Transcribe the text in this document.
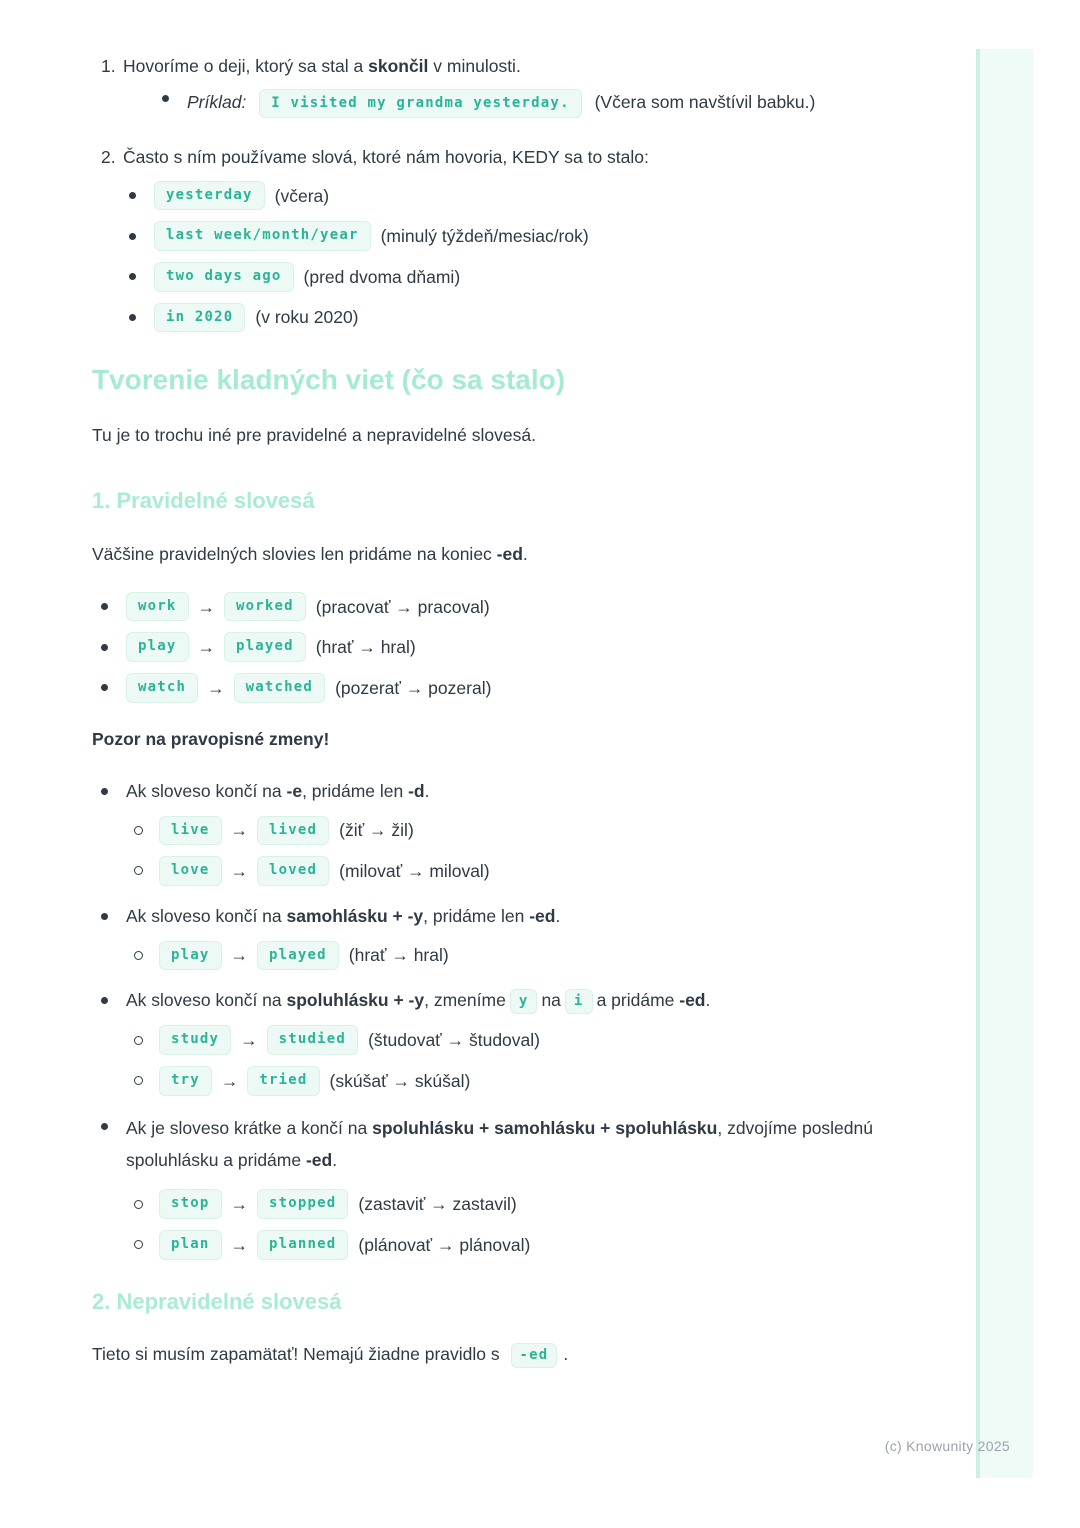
(c) Knowunity 2025
1. Hovoríme o deji, ktorý sa stal a skončil v minulosti.
Príklad: I visited my grandma yesterday. (Včera som navštívil babku.)
2. Často s ním používame slová, ktoré nám hovoria, KEDY sa to stalo:
yesterday	(včera)
last week/month/year	(minulý týždeň/mesiac/rok)
two days ago	(pred dvoma dňami)
in 2020	(v roku 2020)
Tvorenie kladných viet (čo sa stalo)

Tu je to trochu iné pre pravidelné a nepravidelné slovesá.

1. Pravidelné slovesá

Väčšine pravidelných slovies len pridáme na koniec -ed.

work	→	worked	(pracovať → pracoval)
play	→	played	(hrať → hral)
watch	→	watched	(pozerať → pozeral)

Pozor na pravopisné zmeny!

Ak sloveso končí na -e, pridáme len -d.
live	→	lived	(žiť → žil)
love	→	loved	(milovať → miloval)
Ak sloveso končí na samohlásku + -y, pridáme len -ed.
play	→	played	(hrať → hral)
Ak sloveso končí na spoluhlásku + -y, zmeníme y na i a pridáme -ed.
study	→	studied	(študovať → študoval)
try	→	tried	(skúšať → skúšal)
Ak je sloveso krátke a končí na spoluhlásku + samohlásku + spoluhlásku, zdvojíme poslednú spoluhlásku a pridáme -ed.
stop	→	stopped	(zastaviť → zastavil)
plan	→	planned	(plánovať → plánoval)
2. Nepravidelné slovesá

Tieto si musím zapamätať! Nemajú žiadne pravidlo s -ed .
